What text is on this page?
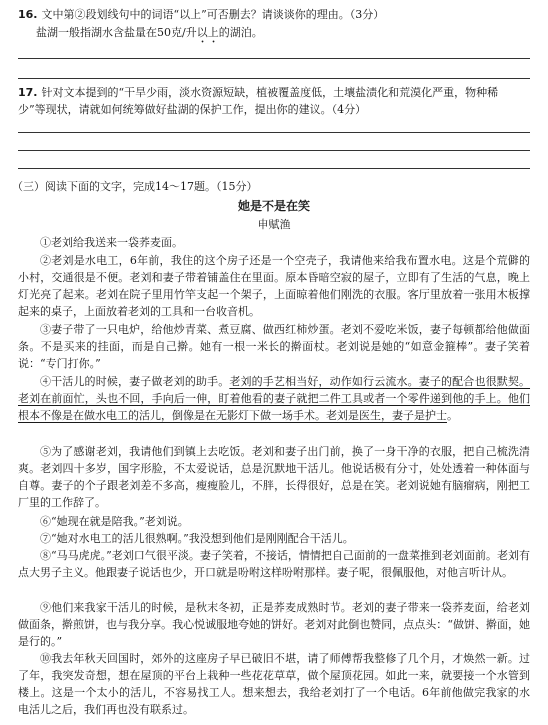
16. 文中第②段划线句中的词语“以上”可否删去？请谈谈你的理由。（3分）
盐湖一般指湖水含盐量在50克/升以上的湖泊。
17. 针对文本提到的“干旱少雨，淡水资源短缺，植被覆盖度低，土壤盐渍化和荒漠化严重，物种稀
少”等现状，请就如何统筹做好盐湖的保护工作，提出你的建议。（4分）
（三）阅读下面的文字，完成14～17题。（15分）
她是不是在笑
申赋渔
①老刘给我送来一袋荞麦面。
②老刘是水电工，6年前，我住的这个房子还是一个空壳子，我请他来给我布置水电。这是个荒僻的小村，交通很是不便。老刘和妻子带着铺盖住在里面。原本昏暗空寂的屋子，立即有了生活的气息，晚上灯光亮了起来。老刘在院子里用竹竿支起一个架子，上面晾着他们刚洗的衣服。客厅里放着一张用木板撑起来的桌子，上面放着老刘的工具和一台收音机。
③妻子带了一只电炉，给他炒青菜、煮豆腐、做西红柿炒蛋。老刘不爱吃米饭，妻子每顿都给他做面条。不是买来的挂面，而是自己擀。她有一根一米长的擀面杖。老刘说是她的“如意金箍棒”。妻子笑着说：“专门打你。”
④干活儿的时候，妻子做老刘的助手。老刘的手艺相当好，动作如行云流水。妻子的配合也很默契。老刘在前面忙，头也不回，手向后一伸，盯着他看的妻子就把二件工具或者一个零件递到他的手上。他们根本不像是在做水电工的活儿，倒像是在无影灯下做一场手术。老刘是医生，妻子是护士。
⑤为了感谢老刘，我请他们到镇上去吃饭。老刘和妻子出门前，换了一身干净的衣服，把自己梳洗清爽。老刘四十多岁，国字形脸，不太爱说话，总是沉默地干活儿。他说话极有分寸，处处透着一种体面与自尊。妻子的个子跟老刘差不多高，瘦瘦脸儿，不胖，长得很好，总是在笑。老刘说她有脑瘤病，刚把工厂里的工作辞了。
⑥“她现在就是陪我。”老刘说。
⑦“她对水电工的活儿很熟啊。”我没想到他们是刚刚配合干活儿。
⑧“马马虎虎。”老刘口气很平淡。妻子笑着，不接话，情情把自己面前的一盘菜推到老刘面前。老刘有点大男子主义。他跟妻子说话也少，开口就是吩咐这样吩咐那样。妻子呢，很佩服他，对他言听计从。
⑨他们来我家干活儿的时候，是秋末冬初，正是荞麦成熟时节。老刘的妻子带来一袋荞麦面，给老刘做面条，擀煎饼，也与我分享。我心悦诚服地夸她的饼好。老刘对此倒也赞同，点点头：“做饼、擀面，她是行的。”
⑩我去年秋天回国时，郊外的这座房子早已破旧不堪，请了师傅帮我整修了几个月，才焕然一新。过了年，我突发奇想，想在屋顶的平台上栽种一些花花草草，做个屋顶花园。如此一来，就要接一个水管到楼上。这是一个太小的活儿，不容易找工人。想来想去，我给老刘打了一个电话。6年前他做完我家的水电活儿之后，我们再也没有联系过。
